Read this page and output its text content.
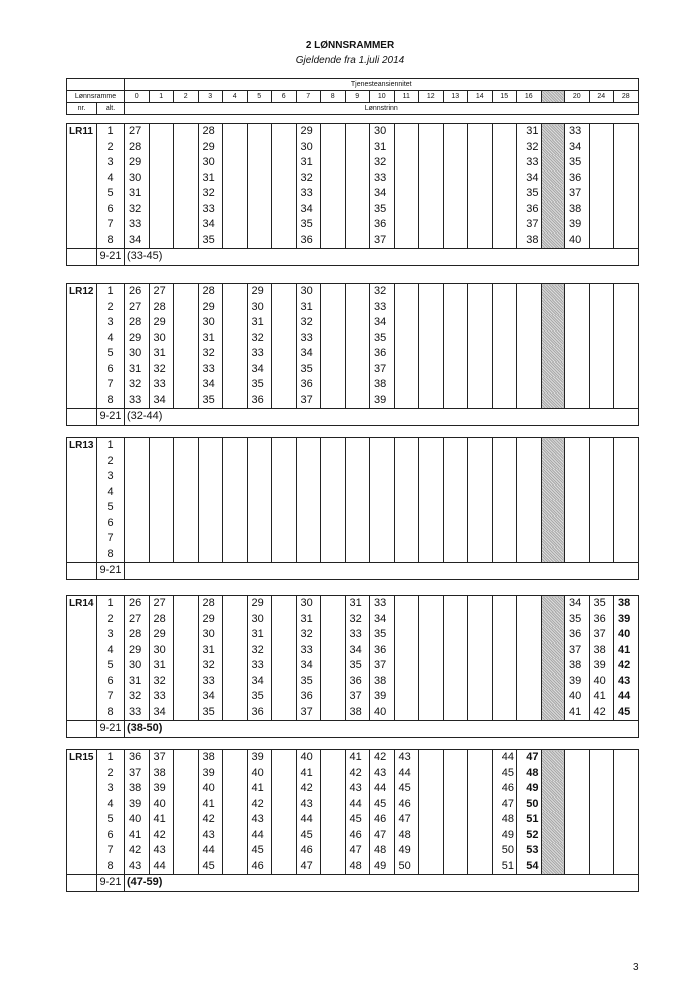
2 LØNNSRAMMER
Gjeldende fra 1.juli 2014
		Tjenesteansiennitet																				
Lønnsramme		0	1	2	3	4	5	6	7	8	9	10	11	12	13	14	15	16		20	24	28
nr.	alt.	Lønnstrinn																				
LR11	1	27			28				29			30						31		33		
	2	28			29				30			31						32		34		
	3	29			30				31			32						33		35		
	4	30			31				32			33						34		36		
	5	31			32				33			34						35		37		
	6	32			33				34			35						36		38		
	7	33			34				35			36						37		39		
	8	34			35				36			37						38		40		
	9-21	(33-45)																				
LR12	1	26	27		28		29		30			32										
	2	27	28		29		30		31			33										
	3	28	29		30		31		32			34										
	4	29	30		31		32		33			35										
	5	30	31		32		33		34			36										
	6	31	32		33		34		35			37										
	7	32	33		34		35		36			38										
	8	33	34		35		36		37			39										
	9-21	(32-44)																				
LR13	1																					
	2																					
	3																					
	4																					
	5																					
	6																					
	7																					
	8																					
	9-21																					
LR14	1	26	27		28		29		30		31	33								34	35	38
	2	27	28		29		30		31		32	34								35	36	39
	3	28	29		30		31		32		33	35								36	37	40
	4	29	30		31		32		33		34	36								37	38	41
	5	30	31		32		33		34		35	37								38	39	42
	6	31	32		33		34		35		36	38								39	40	43
	7	32	33		34		35		36		37	39								40	41	44
	8	33	34		35		36		37		38	40								41	42	45
	9-21	(38-50)																				
LR15	1	36	37		38		39		40		41	42	43				44	47				
	2	37	38		39		40		41		42	43	44				45	48				
	3	38	39		40		41		42		43	44	45				46	49				
	4	39	40		41		42		43		44	45	46				47	50				
	5	40	41		42		43		44		45	46	47				48	51				
	6	41	42		43		44		45		46	47	48				49	52				
	7	42	43		44		45		46		47	48	49				50	53				
	8	43	44		45		46		47		48	49	50				51	54				
	9-21	(47-59)																				
3
